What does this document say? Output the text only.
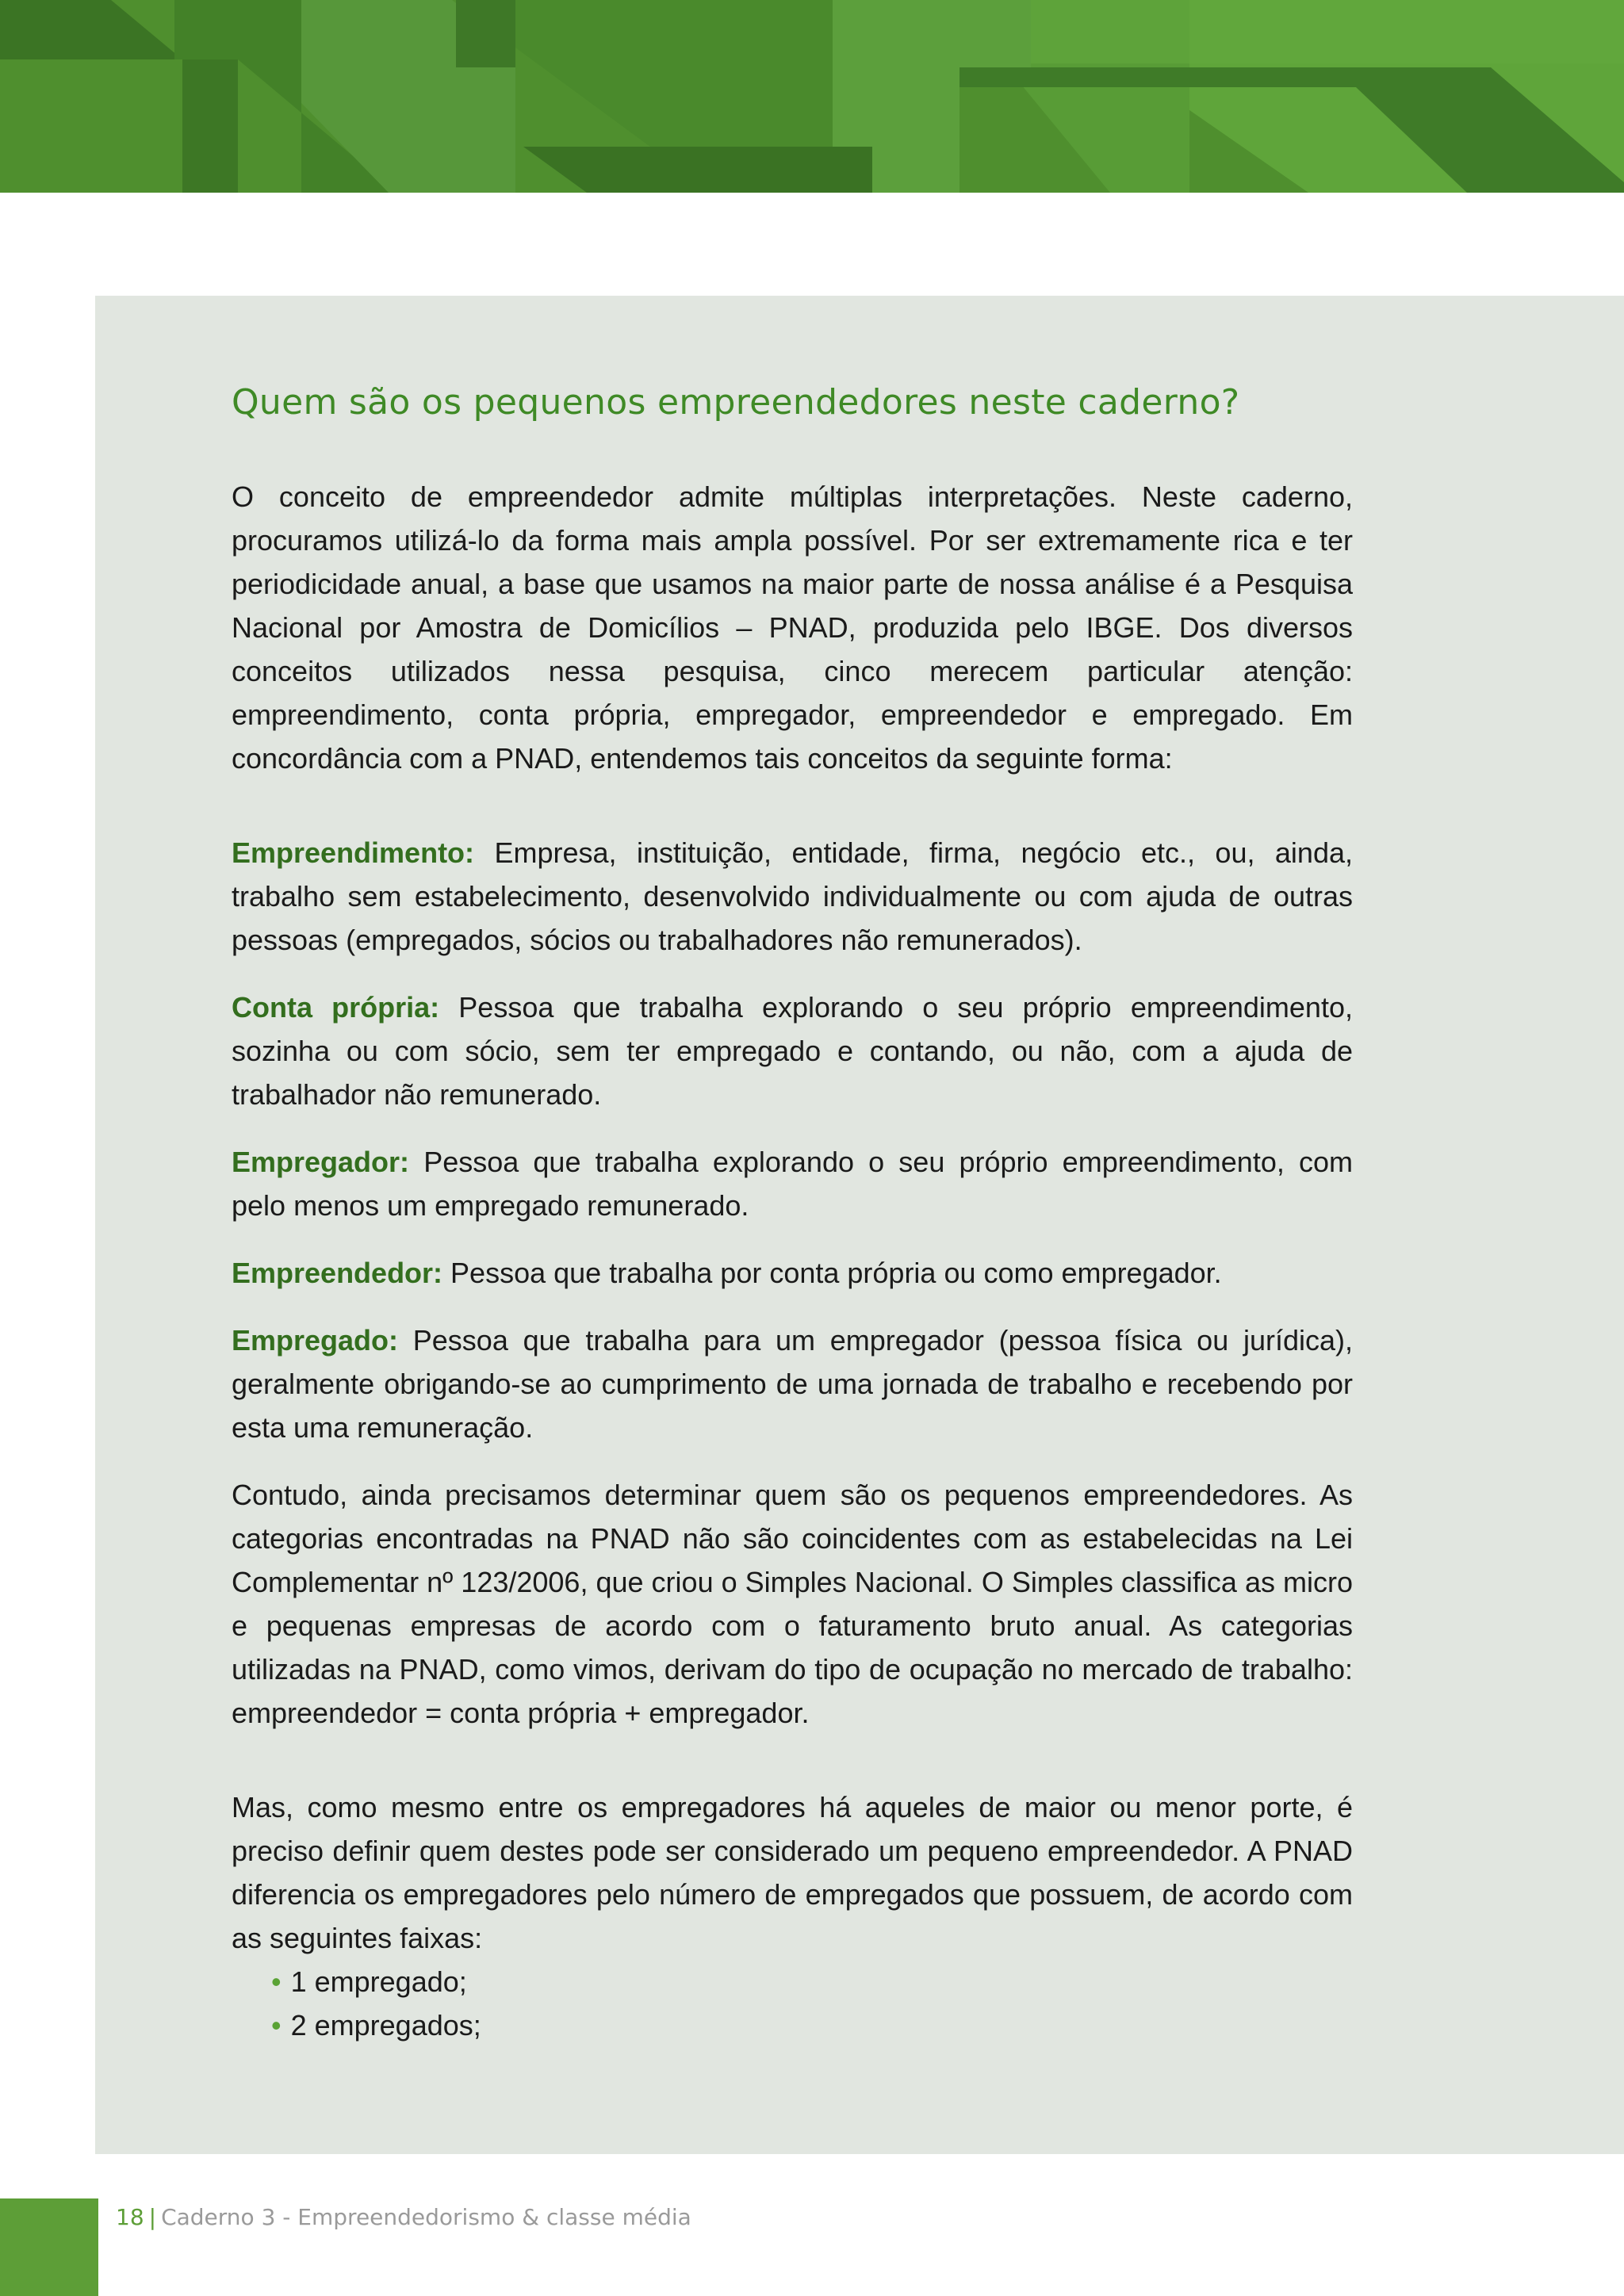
Quem são os pequenos empreendedores neste caderno?

O conceito de empreendedor admite múltiplas interpretações. Neste caderno, procuramos utilizá-lo da forma mais ampla possível. Por ser extremamente rica e ter periodicidade anual, a base que usamos na maior parte de nossa análise é a Pesquisa Nacional por Amostra de Domicílios – PNAD, produzida pelo IBGE. Dos diversos conceitos utilizados nessa pesquisa, cinco merecem particular atenção: empreendimento, conta própria, empregador, empreendedor e empregado. Em concordância com a PNAD, entendemos tais conceitos da seguinte forma:

Empreendimento: Empresa, instituição, entidade, firma, negócio etc., ou, ainda, trabalho sem estabelecimento, desenvolvido individualmente ou com ajuda de outras pessoas (empregados, sócios ou trabalhadores não remunerados).

Conta própria: Pessoa que trabalha explorando o seu próprio empreendimento, sozinha ou com sócio, sem ter empregado e contando, ou não, com a ajuda de trabalhador não remunerado.

Empregador: Pessoa que trabalha explorando o seu próprio empreendimento, com pelo menos um empregado remunerado.

Empreendedor: Pessoa que trabalha por conta própria ou como empregador.

Empregado: Pessoa que trabalha para um empregador (pessoa física ou jurídica), geralmente obrigando-se ao cumprimento de uma jornada de trabalho e recebendo por esta uma remuneração.

Contudo, ainda precisamos determinar quem são os pequenos empreendedores. As categorias encontradas na PNAD não são coincidentes com as estabelecidas na Lei Complementar nº 123/2006, que criou o Simples Nacional. O Simples classifica as micro e pequenas empresas de acordo com o faturamento bruto anual. As categorias utilizadas na PNAD, como vimos, derivam do tipo de ocupação no mercado de trabalho: empreendedor = conta própria + empregador.

Mas, como mesmo entre os empregadores há aqueles de maior ou menor porte, é preciso definir quem destes pode ser considerado um pequeno empreendedor. A PNAD diferencia os empregadores pelo número de empregados que possuem, de acordo com as seguintes faixas:

• 1 empregado;
• 2 empregados;
18 | Caderno 3 - Empreendedorismo & classe média
